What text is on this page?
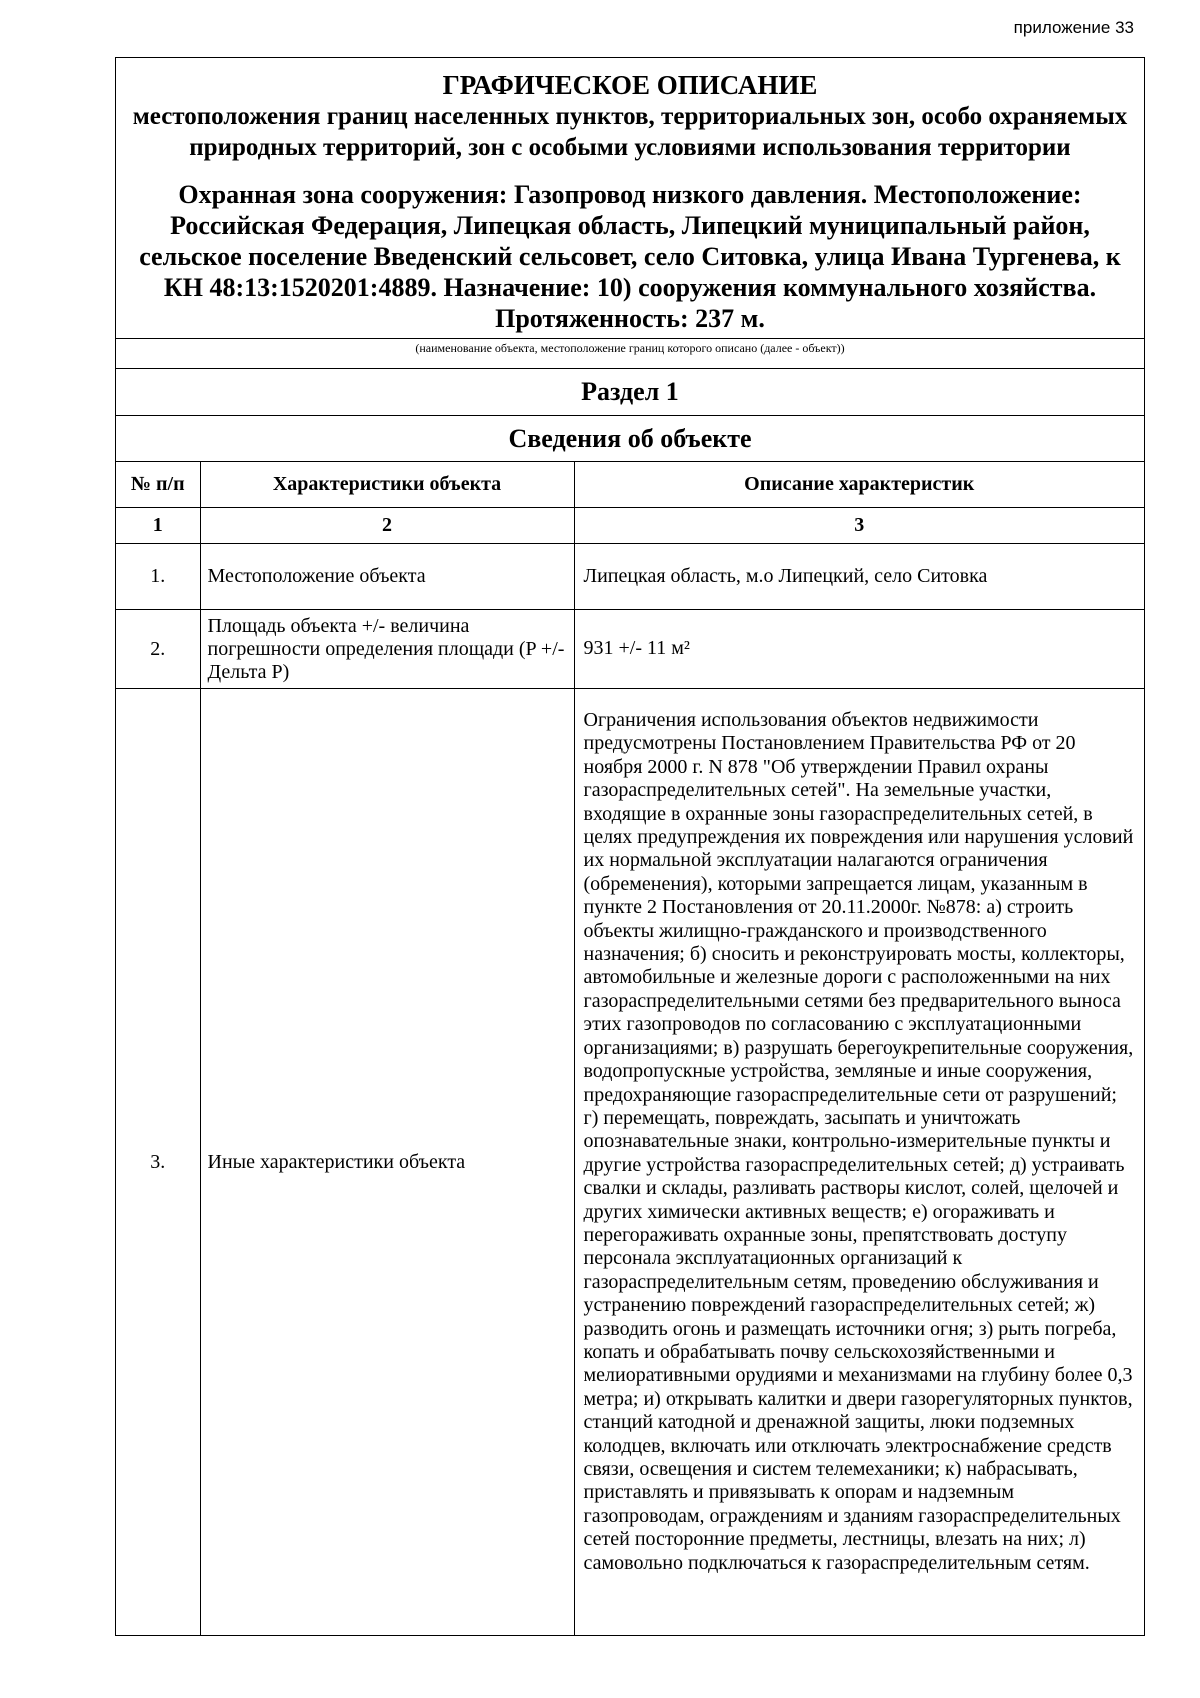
приложение 33
ГРАФИЧЕСКОЕ ОПИСАНИЕ
местоположения границ населенных пунктов, территориальных зон, особо охраняемых природных территорий, зон с особыми условиями использования территории
Охранная зона сооружения: Газопровод низкого давления. Местоположение: Российская Федерация, Липецкая область, Липецкий муниципальный район, сельское поселение Введенский сельсовет, село Ситовка, улица Ивана Тургенева, к КН 48:13:1520201:4889. Назначение: 10) сооружения коммунального хозяйства. Протяженность: 237 м.
(наименование объекта, местоположение границ которого описано (далее - объект))
Раздел 1
Сведения об объекте
№ п/п	Характеристики объекта	Описание характеристик
1	2	3
1.	Местоположение объекта	Липецкая область, м.о Липецкий, село Ситовка
2.	Площадь объекта +/- величина погрешности определения площади (P +/- Дельта P)	931 +/- 11 м²
3.	Иные характеристики объекта	Ограничения использования объектов недвижимости предусмотрены Постановлением Правительства РФ от 20 ноября 2000 г. N 878 "Об утверждении Правил охраны газораспределительных сетей". На земельные участки, входящие в охранные зоны газораспределительных сетей, в целях предупреждения их повреждения или нарушения условий их нормальной эксплуатации налагаются ограничения (обременения), которыми запрещается лицам, указанным в пункте 2 Постановления от 20.11.2000г. №878: а) строить объекты жилищно-гражданского и производственного назначения; б) сносить и реконструировать мосты, коллекторы, автомобильные и железные дороги с расположенными на них газораспределительными сетями без предварительного выноса этих газопроводов по согласованию с эксплуатационными организациями; в) разрушать берегоукрепительные сооружения, водопропускные устройства, земляные и иные сооружения, предохраняющие газораспределительные сети от разрушений; г) перемещать, повреждать, засыпать и уничтожать опознавательные знаки, контрольно-измерительные пункты и другие устройства газораспределительных сетей; д) устраивать свалки и склады, разливать растворы кислот, солей, щелочей и других химически активных веществ; е) огораживать и перегораживать охранные зоны, препятствовать доступу персонала эксплуатационных организаций к газораспределительным сетям, проведению обслуживания и устранению повреждений газораспределительных сетей; ж) разводить огонь и размещать источники огня; з) рыть погреба, копать и обрабатывать почву сельскохозяйственными и мелиоративными орудиями и механизмами на глубину более 0,3 метра; и) открывать калитки и двери газорегуляторных пунктов, станций катодной и дренажной защиты, люки подземных колодцев, включать или отключать электроснабжение средств связи, освещения и систем телемеханики; к) набрасывать, приставлять и привязывать к опорам и надземным газопроводам, ограждениям и зданиям газораспределительных сетей посторонние предметы, лестницы, влезать на них; л) самовольно подключаться к газораспределительным сетям.
